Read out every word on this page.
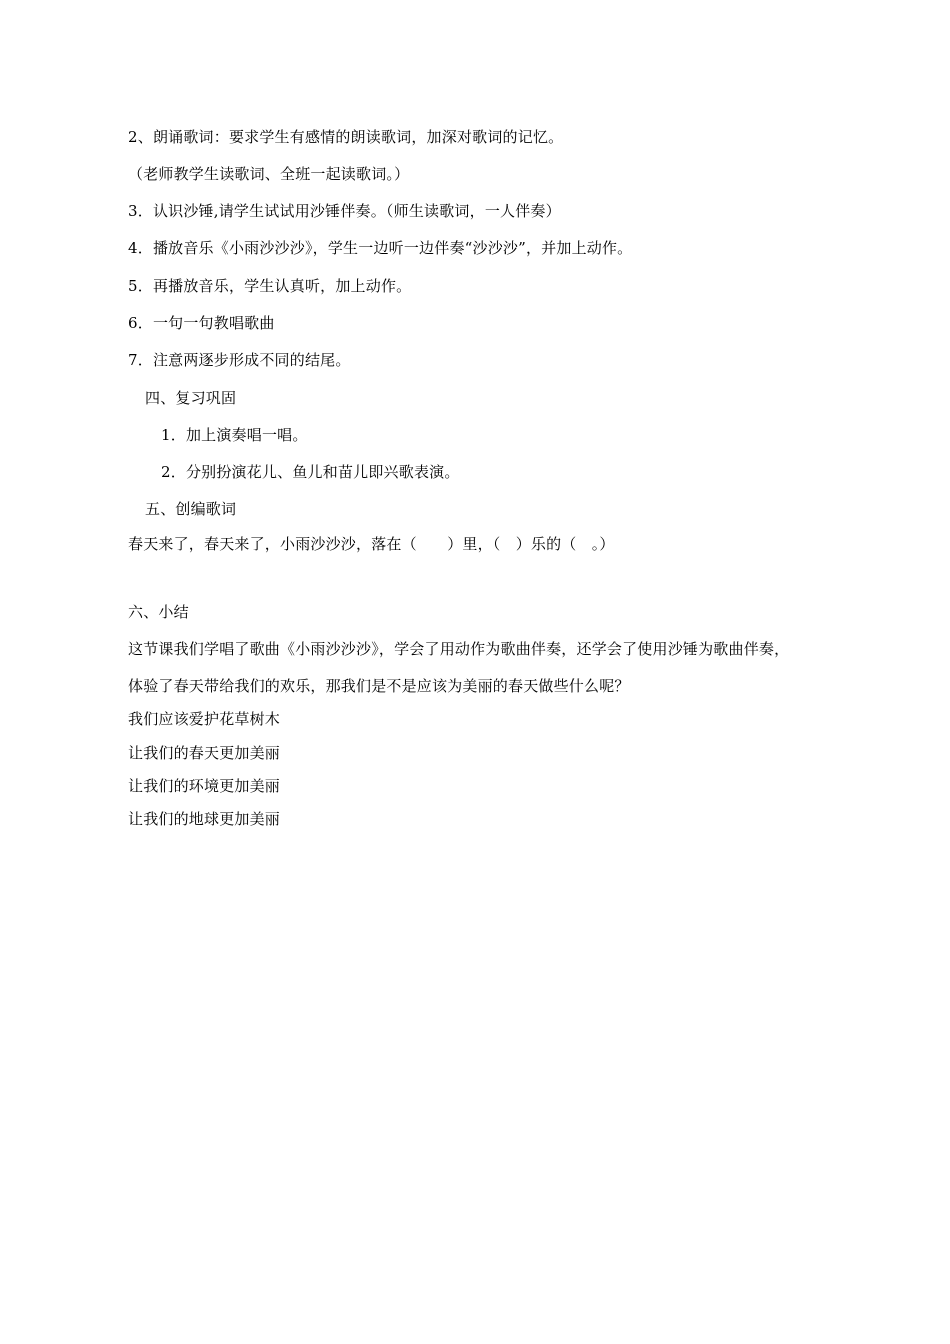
2、朗诵歌词：要求学生有感情的朗读歌词，加深对歌词的记忆。
（老师教学生读歌词、全班一起读歌词。）
3．认识沙锤,请学生试试用沙锤伴奏。（师生读歌词，一人伴奏）
4．播放音乐《小雨沙沙沙》，学生一边听一边伴奏“沙沙沙”，并加上动作。
5．再播放音乐，学生认真听，加上动作。
6．一句一句教唱歌曲
7．注意两逐步形成不同的结尾。
四、复习巩固
1．加上演奏唱一唱。
2．分别扮演花儿、鱼儿和苗儿即兴歌表演。
五、创编歌词
春天来了，春天来了，小雨沙沙沙，落在（　　）里，（　）乐的（　。）
六、小结
这节课我们学唱了歌曲《小雨沙沙沙》，学会了用动作为歌曲伴奏，还学会了使用沙锤为歌曲伴奏，
体验了春天带给我们的欢乐，那我们是不是应该为美丽的春天做些什么呢？
我们应该爱护花草树木
让我们的春天更加美丽
让我们的环境更加美丽
让我们的地球更加美丽
